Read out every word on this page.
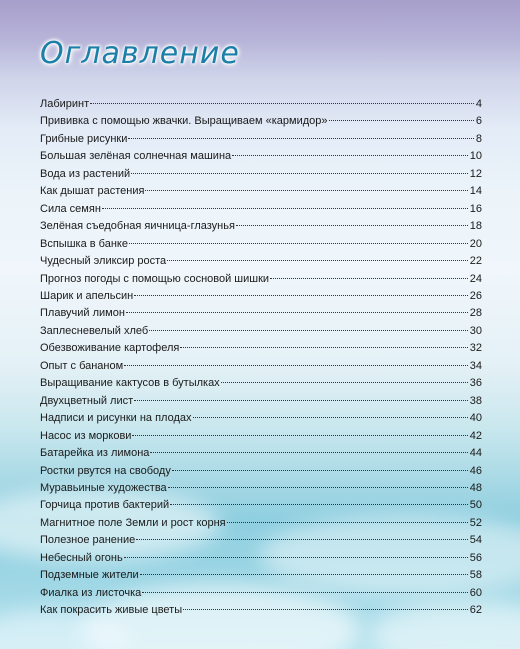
Оглавление
Лабиринт	4
Прививка с помощью жвачки. Выращиваем «кармидор»	6
Грибные рисунки	8
Большая зелёная солнечная машина	10
Вода из растений	12
Как дышат растения	14
Сила семян	16
Зелёная съедобная яичница-глазунья	18
Вспышка в банке	20
Чудесный эликсир роста	22
Прогноз погоды с помощью сосновой шишки	24
Шарик и апельсин	26
Плавучий лимон	28
Заплесневелый хлеб	30
Обезвоживание картофеля	32
Опыт с бананом	34
Выращивание кактусов в бутылках	36
Двухцветный лист	38
Надписи и рисунки на плодах	40
Насос из моркови	42
Батарейка из лимона	44
Ростки рвутся на свободу	46
Муравьиные художества	48
Горчица против бактерий	50
Магнитное поле Земли и рост корня	52
Полезное ранение	54
Небесный огонь	56
Подземные жители	58
Фиалка из листочка	60
Как покрасить живые цветы	62
